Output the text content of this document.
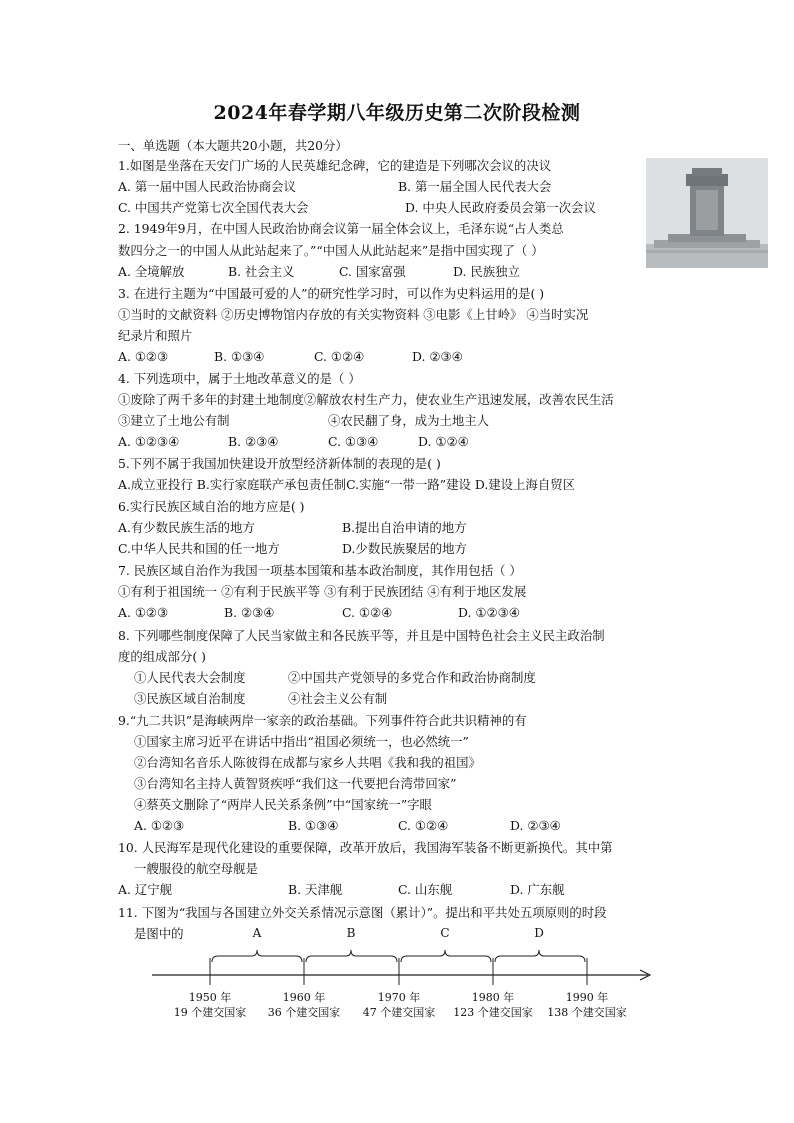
2024年春学期八年级历史第二次阶段检测
一、单选题（本大题共20小题，共20分）
1.如图是坐落在天安门广场的人民英雄纪念碑，它的建造是下列哪次会议的决议
A. 第一届中国人民政治协商会议	B. 第一届全国人民代表大会
C. 中国共产党第七次全国代表大会	D. 中央人民政府委员会第一次会议
2. 1949年9月，在中国人民政治协商会议第一届全体会议上，毛泽东说“占人类总
数四分之一的中国人从此站起来了。”“中国人从此站起来”是指中国实现了（ ）
A. 全境解放	B. 社会主义	C. 国家富强	D. 民族独立
3. 在进行主题为“中国最可爱的人”的研究性学习时，可以作为史料运用的是( )
①当时的文献资料 ②历史博物馆内存放的有关实物资料 ③电影《上甘岭》 ④当时实况
纪录片和照片
A. ①②③	B. ①③④	C. ①②④	D. ②③④
4. 下列选项中，属于土地改革意义的是（ ）
①废除了两千多年的封建土地制度②解放农村生产力，使农业生产迅速发展，改善农民生活
③建立了土地公有制	④农民翻了身，成为土地主人
A. ①②③④	B. ②③④	C. ①③④	D. ①②④
5.下列不属于我国加快建设开放型经济新体制的表现的是( )
A.成立亚投行 B.实行家庭联产承包责任制C.实施“一带一路”建设 D.建设上海自贸区
6.实行民族区域自治的地方应是( )
A.有少数民族生活的地方	B.提出自治申请的地方
C.中华人民共和国的任一地方	D.少数民族聚居的地方
7. 民族区域自治作为我国一项基本国策和基本政治制度，其作用包括（ ）
①有利于祖国统一 ②有利于民族平等 ③有利于民族团结 ④有利于地区发展
A. ①②③	B. ②③④	C. ①②④	D. ①②③④
8. 下列哪些制度保障了人民当家做主和各民族平等，并且是中国特色社会主义民主政治制
度的组成部分( )
①人民代表大会制度	②中国共产党领导的多党合作和政治协商制度
③民族区域自治制度	④社会主义公有制
9.“九二共识”是海峡两岸一家亲的政治基础。下列事件符合此共识精神的有
①国家主席习近平在讲话中指出“祖国必须统一，也必然统一”
②台湾知名音乐人陈彼得在成都与家乡人共唱《我和我的祖国》
③台湾知名主持人黄智贤疾呼“我们这一代要把台湾带回家”
④蔡英文删除了“两岸人民关系条例”中“国家统一”字眼
A. ①②③	B. ①③④	C. ①②④	D. ②③④
10. 人民海军是现代化建设的重要保障，改革开放后，我国海军装备不断更新换代。其中第
一艘服役的航空母舰是
A. 辽宁舰	B. 天津舰	C. 山东舰	D. 广东舰
11. 下图为“我国与各国建立外交关系情况示意图（累计）”。提出和平共处五项原则的时段
是图中的	A	B	C	D
1950 年	1960 年	1970 年	1980 年	1990 年
19 个建交国家	36 个建交国家	47 个建交国家	123 个建交国家	138 个建交国家
